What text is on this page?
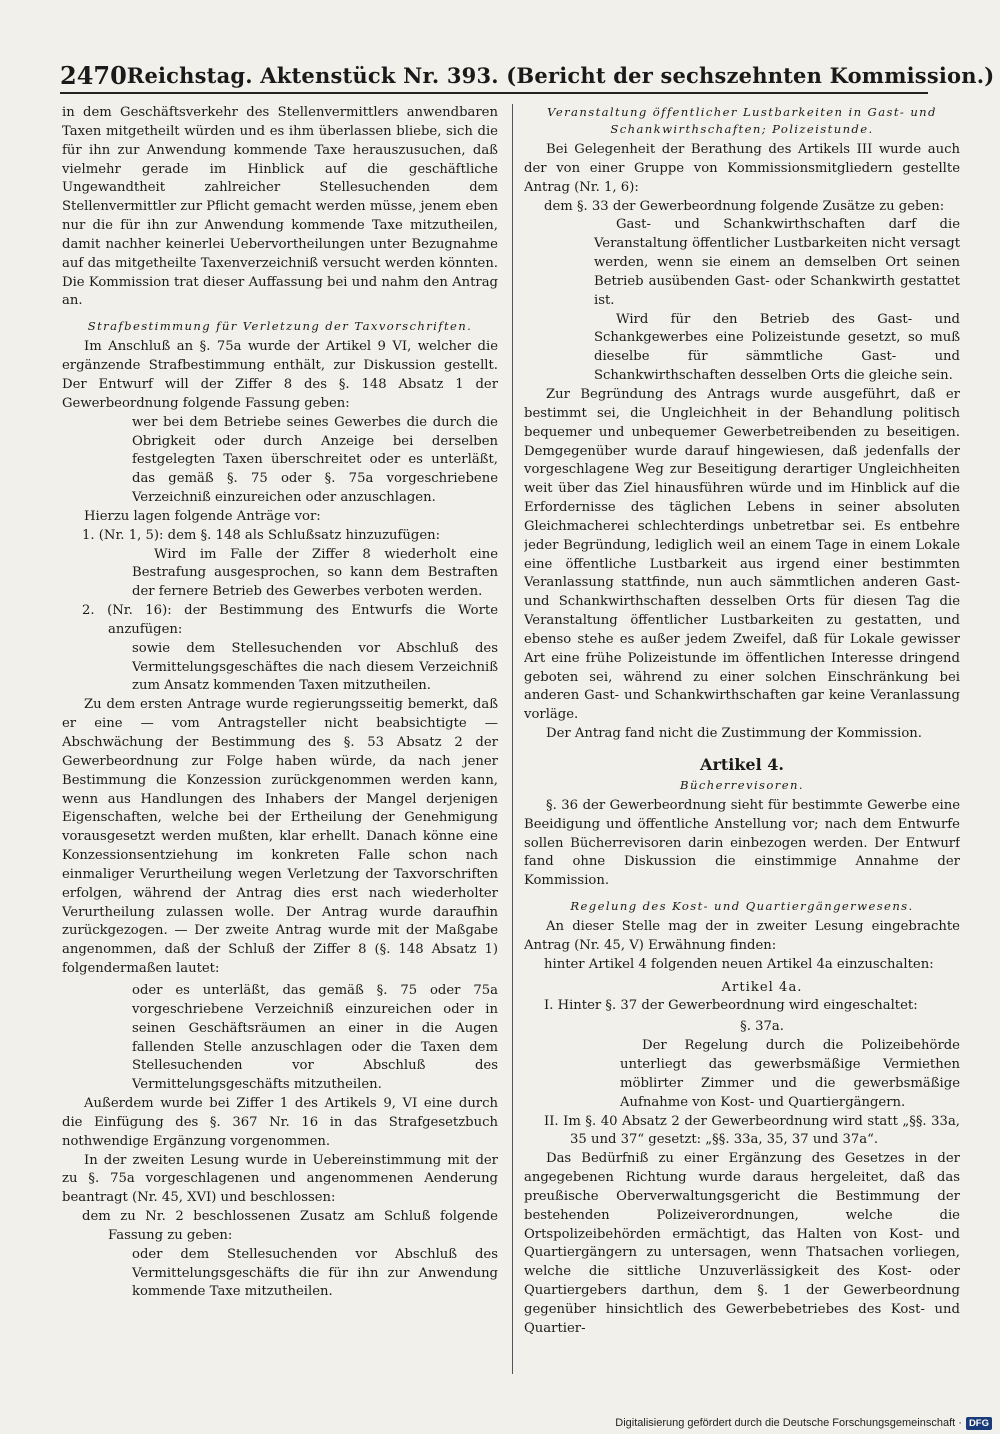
2470 Reichstag. Aktenstück Nr. 393. (Bericht der sechszehnten Kommission.)

in dem Geschäftsverkehr des Stellenvermittlers anwendbaren Taxen mitgetheilt würden und es ihm überlassen bliebe, sich die für ihn zur Anwendung kommende Taxe herauszusuchen, daß vielmehr gerade im Hinblick auf die geschäftliche Ungewandtheit zahlreicher Stellesuchenden dem Stellenvermittler zur Pflicht gemacht werden müsse, jenem eben nur die für ihn zur Anwendung kommende Taxe mitzutheilen, damit nachher keinerlei Uebervortheilungen unter Bezugnahme auf das mitgetheilte Taxenverzeichniß versucht werden könnten. Die Kommission trat dieser Auffassung bei und nahm den Antrag an.

Strafbestimmung für Verletzung der Taxvorschriften.

Im Anschluß an §. 75a wurde der Artikel 9 VI, welcher die ergänzende Strafbestimmung enthält, zur Diskussion gestellt. Der Entwurf will der Ziffer 8 des §. 148 Absatz 1 der Gewerbeordnung folgende Fassung geben:

wer bei dem Betriebe seines Gewerbes die durch die Obrigkeit oder durch Anzeige bei derselben festgelegten Taxen überschreitet oder es unterläßt, das gemäß §. 75 oder §. 75a vorgeschriebene Verzeichniß einzureichen oder anzuschlagen.

Hierzu lagen folgende Anträge vor:

1. (Nr. 1, 5): dem §. 148 als Schlußsatz hinzuzufügen:

Wird im Falle der Ziffer 8 wiederholt eine Bestrafung ausgesprochen, so kann dem Bestraften der fernere Betrieb des Gewerbes verboten werden.

2. (Nr. 16): der Bestimmung des Entwurfs die Worte anzufügen:

sowie dem Stellesuchenden vor Abschluß des Vermittelungsgeschäftes die nach diesem Verzeichniß zum Ansatz kommenden Taxen mitzutheilen.

Zu dem ersten Antrage wurde regierungsseitig bemerkt, daß er eine — vom Antragsteller nicht beabsichtigte — Abschwächung der Bestimmung des §. 53 Absatz 2 der Gewerbeordnung zur Folge haben würde, da nach jener Bestimmung die Konzession zurückgenommen werden kann, wenn aus Handlungen des Inhabers der Mangel derjenigen Eigenschaften, welche bei der Ertheilung der Genehmigung vorausgesetzt werden mußten, klar erhellt. Danach könne eine Konzessionsentziehung im konkreten Falle schon nach einmaliger Verurtheilung wegen Verletzung der Taxvorschriften erfolgen, während der Antrag dies erst nach wiederholter Verurtheilung zulassen wolle. Der Antrag wurde daraufhin zurückgezogen. — Der zweite Antrag wurde mit der Maßgabe angenommen, daß der Schluß der Ziffer 8 (§. 148 Absatz 1) folgendermaßen lautet:

oder es unterläßt, das gemäß §. 75 oder 75a vorgeschriebene Verzeichniß einzureichen oder in seinen Geschäftsräumen an einer in die Augen fallenden Stelle anzuschlagen oder die Taxen dem Stellesuchenden vor Abschluß des Vermittelungsgeschäfts mitzutheilen.

Außerdem wurde bei Ziffer 1 des Artikels 9, VI eine durch die Einfügung des §. 367 Nr. 16 in das Strafgesetzbuch nothwendige Ergänzung vorgenommen.

In der zweiten Lesung wurde in Uebereinstimmung mit der zu §. 75a vorgeschlagenen und angenommenen Aenderung beantragt (Nr. 45, XVI) und beschlossen:

dem zu Nr. 2 beschlossenen Zusatz am Schluß folgende Fassung zu geben:

oder dem Stellesuchenden vor Abschluß des Vermittelungsgeschäfts die für ihn zur Anwendung kommende Taxe mitzutheilen.

Veranstaltung öffentlicher Lustbarkeiten in Gast- und Schankwirthschaften; Polizeistunde.

Bei Gelegenheit der Berathung des Artikels III wurde auch der von einer Gruppe von Kommissionsmitgliedern gestellte Antrag (Nr. 1, 6):

dem §. 33 der Gewerbeordnung folgende Zusätze zu geben:

Gast- und Schankwirthschaften darf die Veranstaltung öffentlicher Lustbarkeiten nicht versagt werden, wenn sie einem an demselben Ort seinen Betrieb ausübenden Gast- oder Schankwirth gestattet ist.

Wird für den Betrieb des Gast- und Schankgewerbes eine Polizeistunde gesetzt, so muß dieselbe für sämmtliche Gast- und Schankwirthschaften desselben Orts die gleiche sein.

Zur Begründung des Antrags wurde ausgeführt, daß er bestimmt sei, die Ungleichheit in der Behandlung politisch bequemer und unbequemer Gewerbetreibenden zu beseitigen. Demgegenüber wurde darauf hingewiesen, daß jedenfalls der vorgeschlagene Weg zur Beseitigung derartiger Ungleichheiten weit über das Ziel hinausführen würde und im Hinblick auf die Erfordernisse des täglichen Lebens in seiner absoluten Gleichmacherei schlechterdings unbetretbar sei. Es entbehre jeder Begründung, lediglich weil an einem Tage in einem Lokale eine öffentliche Lustbarkeit aus irgend einer bestimmten Veranlassung stattfinde, nun auch sämmtlichen anderen Gast- und Schankwirthschaften desselben Orts für diesen Tag die Veranstaltung öffentlicher Lustbarkeiten zu gestatten, und ebenso stehe es außer jedem Zweifel, daß für Lokale gewisser Art eine frühe Polizeistunde im öffentlichen Interesse dringend geboten sei, während zu einer solchen Einschränkung bei anderen Gast- und Schankwirthschaften gar keine Veranlassung vorläge.

Der Antrag fand nicht die Zustimmung der Kommission.

Artikel 4.

Bücherrevisoren.

§. 36 der Gewerbeordnung sieht für bestimmte Gewerbe eine Beeidigung und öffentliche Anstellung vor; nach dem Entwurfe sollen Bücherrevisoren darin einbezogen werden. Der Entwurf fand ohne Diskussion die einstimmige Annahme der Kommission.

Regelung des Kost- und Quartiergängerwesens.

An dieser Stelle mag der in zweiter Lesung eingebrachte Antrag (Nr. 45, V) Erwähnung finden:

hinter Artikel 4 folgenden neuen Artikel 4a einzuschalten:

Artikel 4a.

I. Hinter §. 37 der Gewerbeordnung wird eingeschaltet:

§. 37a.

Der Regelung durch die Polizeibehörde unterliegt das gewerbsmäßige Vermiethen möblirter Zimmer und die gewerbsmäßige Aufnahme von Kost- und Quartiergängern.

II. Im §. 40 Absatz 2 der Gewerbeordnung wird statt „§§. 33a, 35 und 37“ gesetzt: „§§. 33a, 35, 37 und 37a“.

Das Bedürfniß zu einer Ergänzung des Gesetzes in der angegebenen Richtung wurde daraus hergeleitet, daß das preußische Oberverwaltungsgericht die Bestimmung der bestehenden Polizeiverordnungen, welche die Ortspolizeibehörden ermächtigt, das Halten von Kost- und Quartiergängern zu untersagen, wenn Thatsachen vorliegen, welche die sittliche Unzuverlässigkeit des Kost- oder Quartiergebers darthun, dem §. 1 der Gewerbeordnung gegenüber hinsichtlich des Gewerbebetriebes des Kost- und Quartier-

Digitalisierung gefördert durch die Deutsche Forschungsgemeinschaft · DFG
